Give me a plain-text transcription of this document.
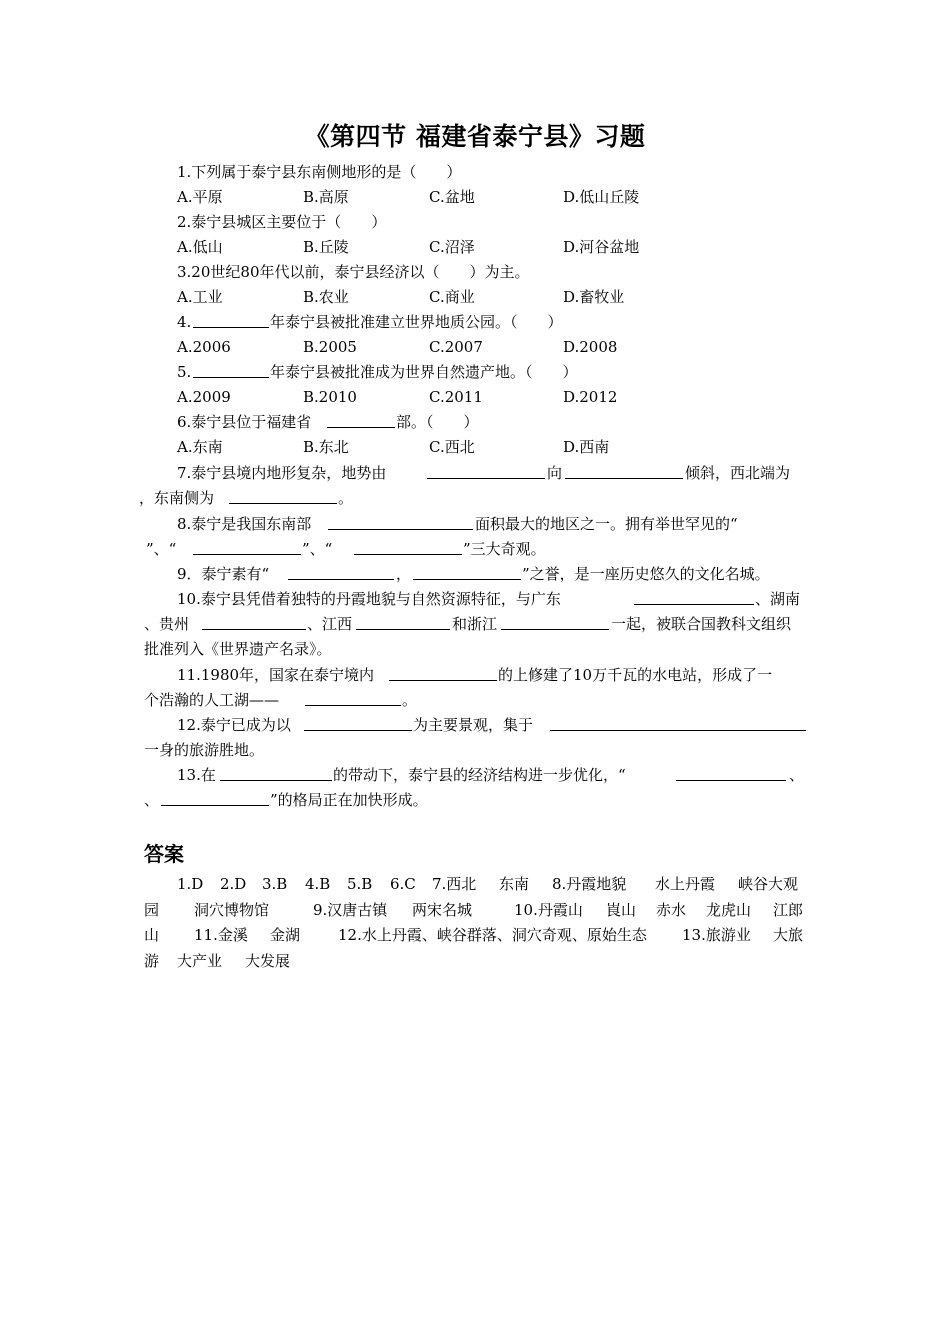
《第四节 福建省泰宁县》习题
1.下列属于泰宁县东南侧地形的是（　　）
A.平原	B.高原	C.盆地	D.低山丘陵
2.泰宁县城区主要位于（　　）
A.低山	B.丘陵	C.沼泽	D.河谷盆地
3.20世纪80年代以前，泰宁县经济以（　　）为主。
A.工业	B.农业	C.商业	D.畜牧业
4.	年泰宁县被批准建立世界地质公园。（　　）
A.2006	B.2005	C.2007	D.2008
5.	年泰宁县被批准成为世界自然遗产地。（　　）
A.2009	B.2010	C.2011	D.2012
6.泰宁县位于福建省	部。（　　）
A.东南	B.东北	C.西北	D.西南
7.泰宁县境内地形复杂，地势由	向	倾斜，西北端为
，东南侧为	。
8.泰宁是我国东南部	面积最大的地区之一。拥有举世罕见的“
”、“	”、“	”三大奇观。
9．泰宁素有“	，	”之誉，是一座历史悠久的文化名城。
10.泰宁县凭借着独特的丹霞地貌与自然资源特征，与广东	、湖南
、贵州	、江西	和浙江	一起，被联合国教科文组织
批准列入《世界遗产名录》。
11.1980年，国家在泰宁境内	的上修建了10万千瓦的水电站，形成了一
个浩瀚的人工湖——	。
12.泰宁已成为以	为主要景观，集于
一身的旅游胜地。
13.在	的带动下，泰宁县的经济结构进一步优化，“	、
、	”的格局正在加快形成。
答案
1.D 2.D 3.B 4.B 5.B 6.C 7.西北 东南 8.丹霞地貌 水上丹霞 峡谷大观
园 洞穴博物馆	9.汉唐古镇 两宋名城	10.丹霞山 崀山 赤水 龙虎山 江郎
山 11.金溪 金湖	12.水上丹霞、峡谷群落、洞穴奇观、原始生态 13.旅游业 大旅
游 大产业 大发展
